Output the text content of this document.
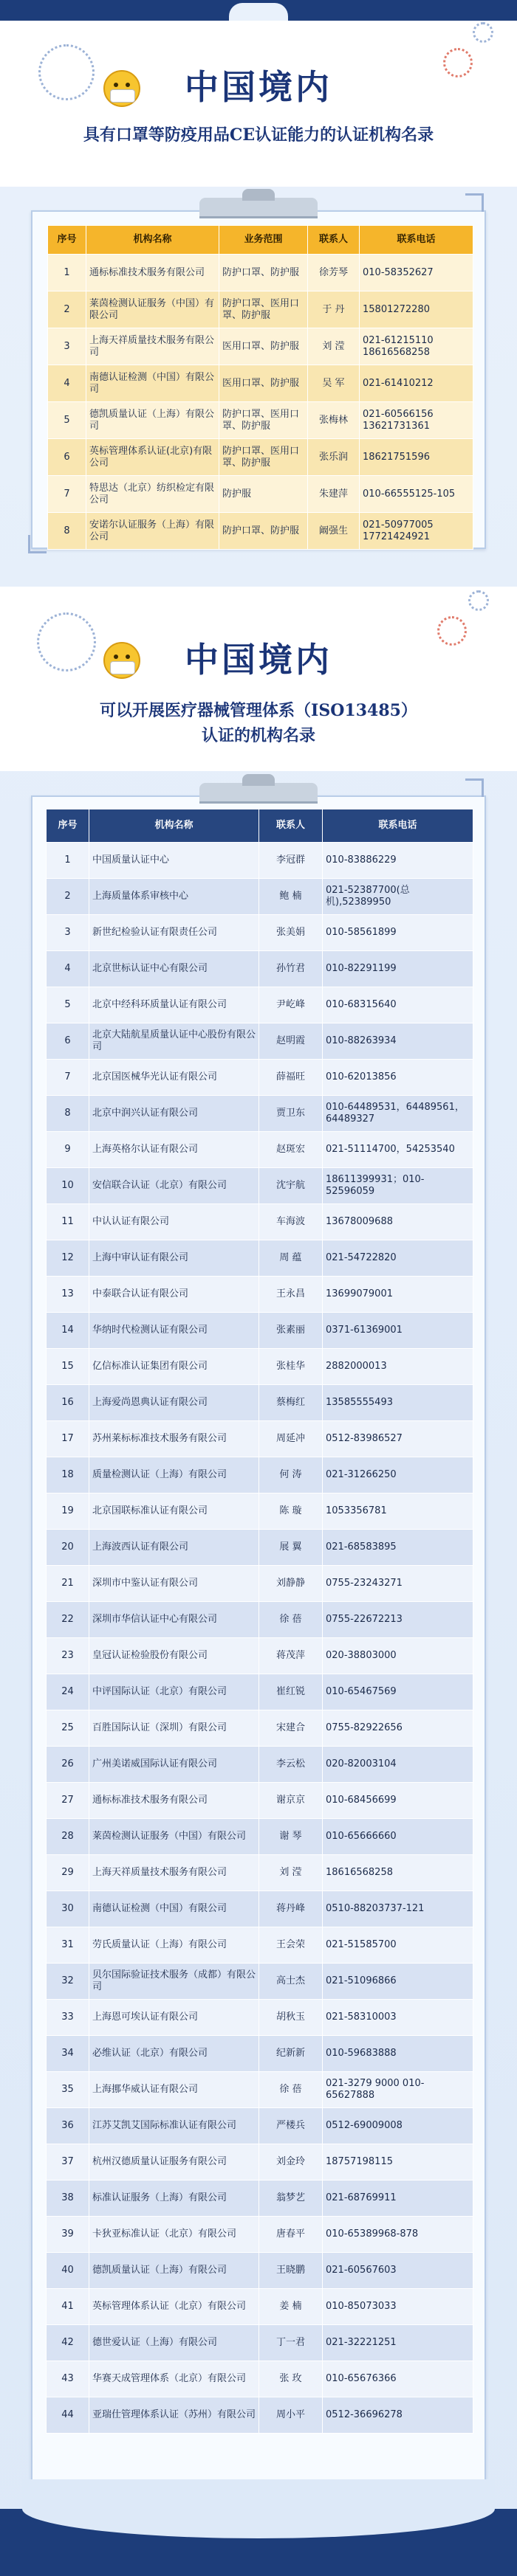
中国境内
具有口罩等防疫用品CE认证能力的认证机构名录
序号	机构名称	业务范围	联系人	联系电话
1	通标标准技术服务有限公司	防护口罩、防护服	徐芳琴	010-58352627
2	莱茵检测认证服务（中国）有限公司	防护口罩、医用口罩、防护服	于 丹	15801272280
3	上海天祥质量技术服务有限公司	医用口罩、防护服	刘 滢	021-61215110
18616568258
4	南德认证检测（中国）有限公司	医用口罩、防护服	吴 军	021-61410212
5	德凯质量认证（上海）有限公司	防护口罩、医用口罩、防护服	张梅林	021-60566156
13621731361
6	英标管理体系认证(北京)有限公司	防护口罩、医用口罩、防护服	张乐润	18621751596
7	特思达（北京）纺织检定有限公司	防护服	朱建萍	010-66555125-105
8	安诺尔认证服务（上海）有限公司	防护口罩、防护服	阚强生	021-50977005
17721424921
中国境内
可以开展医疗器械管理体系（ISO13485）
认证的机构名录
序号	机构名称	联系人	联系电话
1	中国质量认证中心	李冠群	010-83886229
2	上海质量体系审核中心	鲍 楠	021-52387700(总机),52389950
3	新世纪检验认证有限责任公司	张美娟	010-58561899
4	北京世标认证中心有限公司	孙竹君	010-82291199
5	北京中经科环质量认证有限公司	尹屹峰	010-68315640
6	北京大陆航星质量认证中心股份有限公司	赵明霞	010-88263934
7	北京国医械华光认证有限公司	薛福旺	010-62013856
8	北京中润兴认证有限公司	贾卫东	010-64489531，64489561，64489327
9	上海英格尔认证有限公司	赵斑宏	021-51114700，54253540
10	安信联合认证（北京）有限公司	沈宇航	18611399931；010-52596059
11	中认认证有限公司	车海波	13678009688
12	上海中审认证有限公司	周 蕴	021-54722820
13	中泰联合认证有限公司	王永昌	13699079001
14	华纳时代检测认证有限公司	张素丽	0371-61369001
15	亿信标准认证集团有限公司	张桂华	2882000013
16	上海爱尚恩典认证有限公司	蔡梅红	13585555493
17	苏州莱标标准技术服务有限公司	周延冲	0512-83986527
18	质量检测认证（上海）有限公司	何 涛	021-31266250
19	北京国联标准认证有限公司	陈 璇	1053356781
20	上海波西认证有限公司	展 翼	021-68583895
21	深圳市中鉴认证有限公司	刘静静	0755-23243271
22	深圳市华信认证中心有限公司	徐 蓓	0755-22672213
23	皇冠认证检验股份有限公司	蒋茂萍	020-38803000
24	中评国际认证（北京）有限公司	崔红锐	010-65467569
25	百胜国际认证（深圳）有限公司	宋建合	0755-82922656
26	广州美诺威国际认证有限公司	李云松	020-82003104
27	通标标准技术服务有限公司	谢京京	010-68456699
28	莱茵检测认证服务（中国）有限公司	谢 琴	010-65666660
29	上海天祥质量技术服务有限公司	刘 滢	18616568258
30	南德认证检测（中国）有限公司	蒋丹峰	0510-88203737-121
31	劳氏质量认证（上海）有限公司	王会荣	021-51585700
32	贝尔国际验证技术服务（成都）有限公司	高士杰	021-51096866
33	上海恩可埃认证有限公司	胡秋玉	021-58310003
34	必维认证（北京）有限公司	纪新新	010-59683888
35	上海挪华威认证有限公司	徐 蓓	021-3279 9000 010-65627888
36	江苏艾凯艾国际标准认证有限公司	严楼兵	0512-69009008
37	杭州汉德质量认证服务有限公司	刘金玲	18757198115
38	标准认证服务（上海）有限公司	翁梦艺	021-68769911
39	卡狄亚标准认证（北京）有限公司	唐春平	010-65389968-878
40	德凯质量认证（上海）有限公司	王晓鹏	021-60567603
41	英标管理体系认证（北京）有限公司	姜 楠	010-85073033
42	德世爱认证（上海）有限公司	丁一君	021-32221251
43	华赛天成管理体系（北京）有限公司	张 玫	010-65676366
44	亚瑞仕管理体系认证（苏州）有限公司	周小平	0512-36696278
